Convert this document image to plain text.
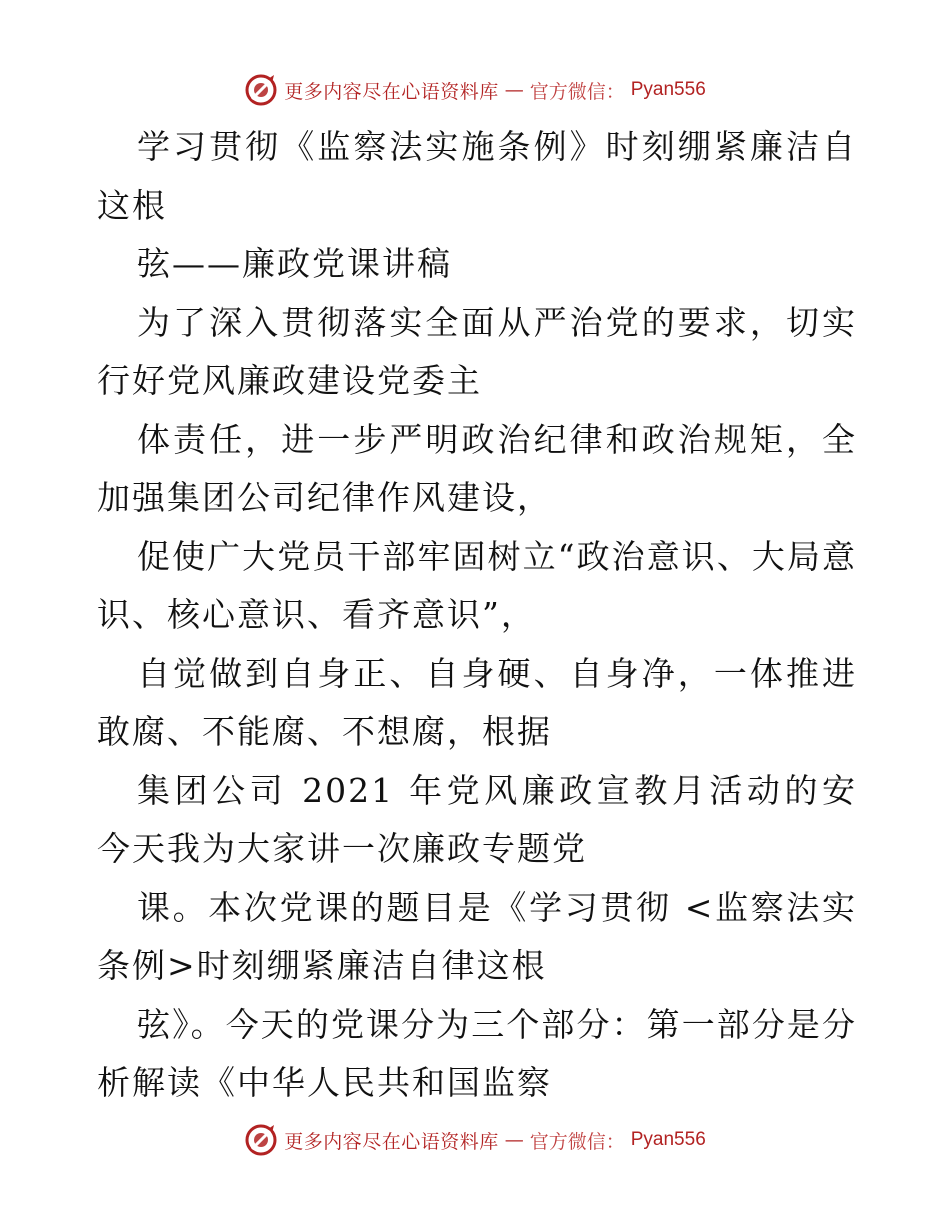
更多内容尽在心语资料库 — 官方微信： Pyan556
学习贯彻《监察法实施条例》时刻绷紧廉洁自
这根
弦——廉政党课讲稿
为了深入贯彻落实全面从严治党的要求，切实
行好党风廉政建设党委主
体责任，进一步严明政治纪律和政治规矩，全
加强集团公司纪律作风建设，
促使广大党员干部牢固树立“政治意识、大局意
识、核心意识、看齐意识”，
自觉做到自身正、自身硬、自身净，一体推进
敢腐、不能腐、不想腐，根据
集团公司 2021 年党风廉政宣教月活动的安
今天我为大家讲一次廉政专题党
课。本次党课的题目是《学习贯彻 <监察法实
条例>时刻绷紧廉洁自律这根
弦》。今天的党课分为三个部分：第一部分是分
析解读《中华人民共和国监察
更多内容尽在心语资料库 — 官方微信： Pyan556
